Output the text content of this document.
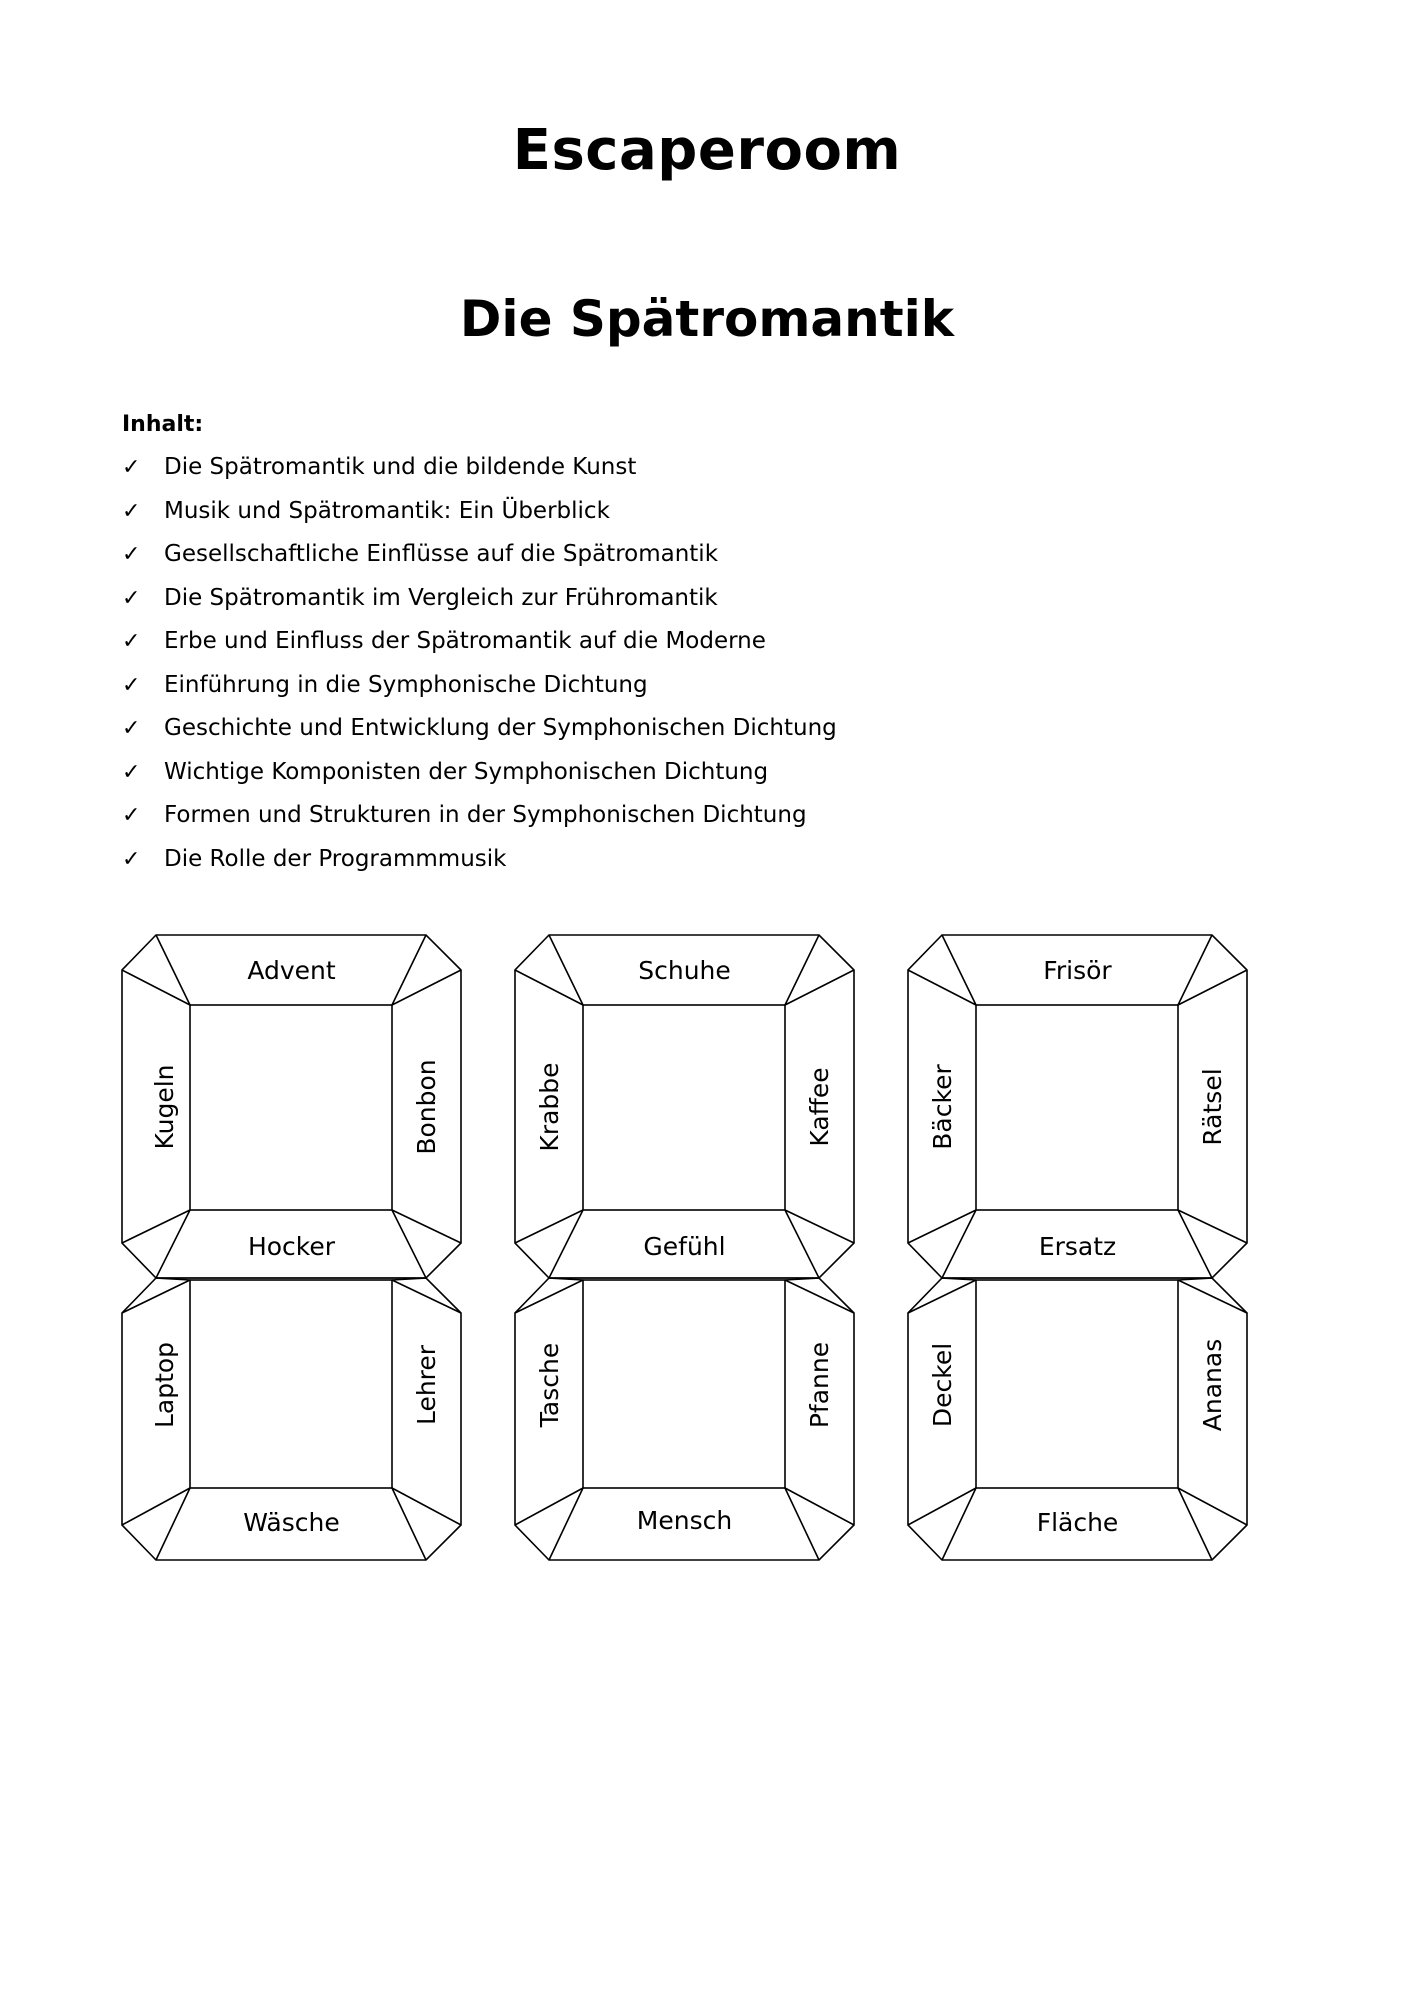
Escaperoom
Die Spätromantik
Inhalt:
✓	Die Spätromantik und die bildende Kunst
✓	Musik und Spätromantik: Ein Überblick
✓	Gesellschaftliche Einflüsse auf die Spätromantik
✓	Die Spätromantik im Vergleich zur Frühromantik
✓	Erbe und Einfluss der Spätromantik auf die Moderne
✓	Einführung in die Symphonische Dichtung
✓	Geschichte und Entwicklung der Symphonischen Dichtung
✓	Wichtige Komponisten der Symphonischen Dichtung
✓	Formen und Strukturen in der Symphonischen Dichtung
✓	Die Rolle der Programmmusik
Advent
Kugeln	Bonbon
Hocker
Laptop	Lehrer
Wäsche
Schuhe
Krabbe	Kaffee
Gefühl
Tasche	Pfanne
Mensch
Frisör
Bäcker	Rätsel
Ersatz
Deckel	Ananas
Fläche
